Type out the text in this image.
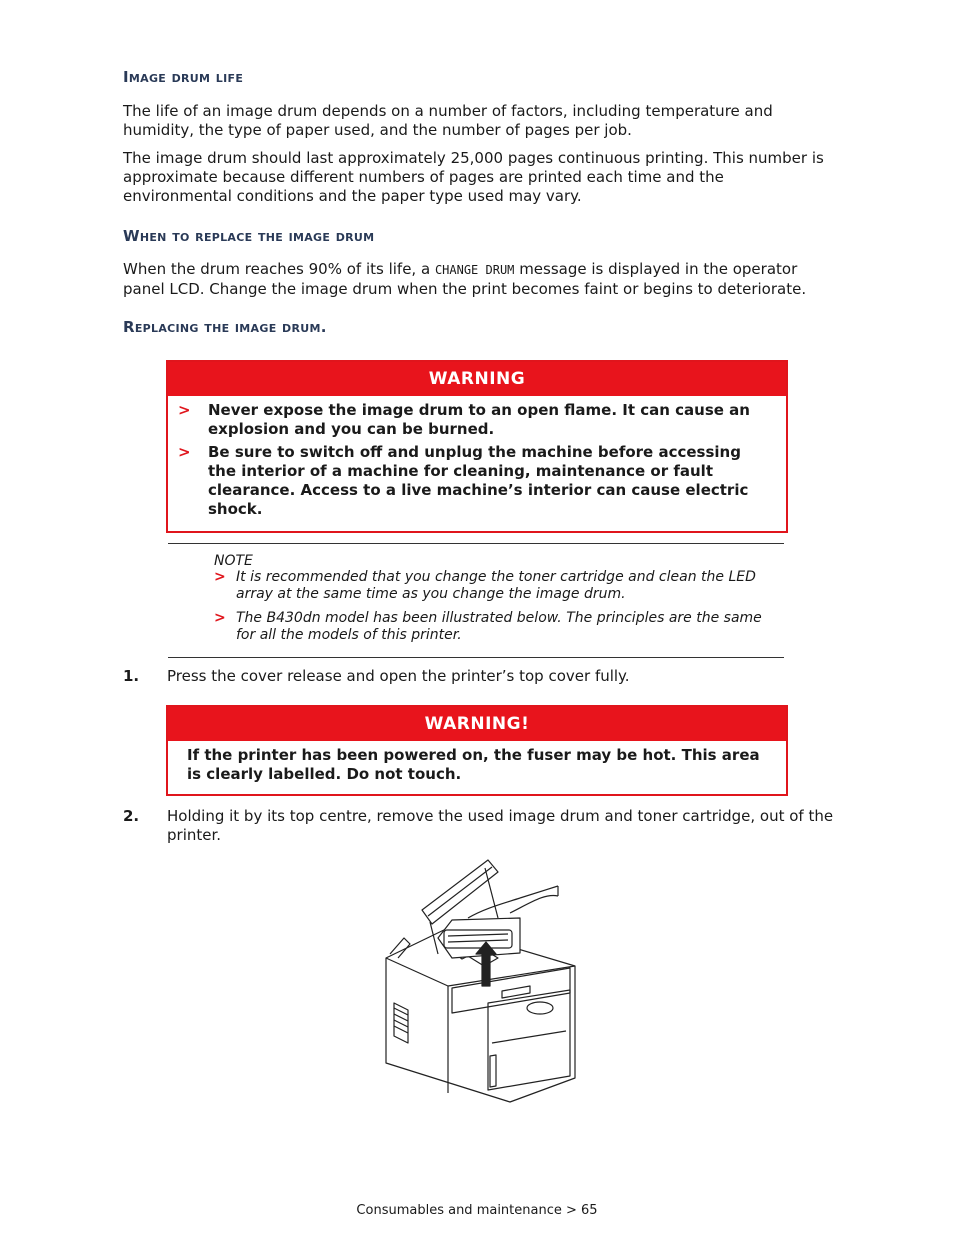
Image drum life

The life of an image drum depends on a number of factors, including temperature and humidity, the type of paper used, and the number of pages per job.

The image drum should last approximately 25,000 pages continuous printing. This number is approximate because different numbers of pages are printed each time and the environmental conditions and the paper type used may vary.

When to replace the image drum

When the drum reaches 90% of its life, a CHANGE DRUM message is displayed in the operator panel LCD. Change the image drum when the print becomes faint or begins to deteriorate.

Replacing the image drum.
WARNING
>	Never expose the image drum to an open flame. It can cause an explosion and you can be burned.
>	Be sure to switch off and unplug the machine before accessing the interior of a machine for cleaning, maintenance or fault clearance. Access to a live machine’s interior can cause electric shock.
NOTE
> It is recommended that you change the toner cartridge and clean the LED array at the same time as you change the image drum.
> The B430dn model has been illustrated below. The principles are the same for all the models of this printer.
1.	Press the cover release and open the printer’s top cover fully.
WARNING!
If the printer has been powered on, the fuser may be hot. This area is clearly labelled. Do not touch.
2.	Holding it by its top centre, remove the used image drum and toner cartridge, out of the printer.
Consumables and maintenance > 65
